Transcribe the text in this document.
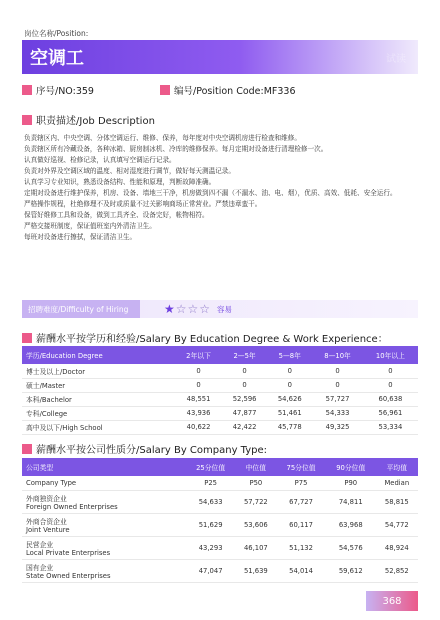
岗位名称/Position:
空调工	试读
序号/NO:359	编号/Position Code:MF336
职责描述/Job Description

负责辖区内、中央空调、分体空调运行、维修、保养，每年度对中央空调机房进行检查和维修。

负责辖区所有冷藏设备，各种冰箱、厨房制冰机、冷库的维修保养。每月定期对设备进行清理检修一次。

认真做好巡视、检修记录，认真填写空调运行记录。

负责对外界及空调区域的温度、相对湿度进行调节，做好每天测温记录。

认真学习专业知识，熟悉设备结构、性能和原理，判断故障准确。

定期对设备进行维护保养，机房、设备、墙地三干净，机房做到四不漏（不漏水、油、电、烟），优质、高效、低耗、安全运行。

严格操作规程，杜绝修理不及时或质量不过关影响商场正常营业。严禁违章蛮干。

保管好维修工具和设备，做到工具齐全、设备完好，帐物相符。

严格交接班制度，保证值班室内外清洁卫生。

每班对设备进行擦拭，保证清洁卫生。

招聘难度/Difficulty of Hiring	★☆☆☆ 容易
薪酬水平按学历和经验/Salary By Education Degree & Work Experience：
学历/Education Degree	2年以下	2—5年	5—8年	8—10年	10年以上
博士及以上/Doctor	0	0	0	0	0
硕士/Master	0	0	0	0	0
本科/Bachelor	48,551	52,596	54,626	57,727	60,638
专科/College	43,936	47,877	51,461	54,333	56,961
高中及以下/High School	40,622	42,422	45,778	49,325	53,334
薪酬水平按公司性质分/Salary By Company Type:
公司类型	25分位值	中位值	75分位值	90分位值	平均值
Company Type	P25	P50	P75	P90	Median
外商独资企业
Foreign Owned Enterprises	54,633	57,722	67,727	74,811	58,815
外商合资企业
Joint Venture	51,629	53,606	60,117	63,968	54,772
民营企业
Local Private Enterprises	43,293	46,107	51,132	54,576	48,924
国有企业
State Owned Enterprises	47,047	51,639	54,014	59,612	52,852
368
